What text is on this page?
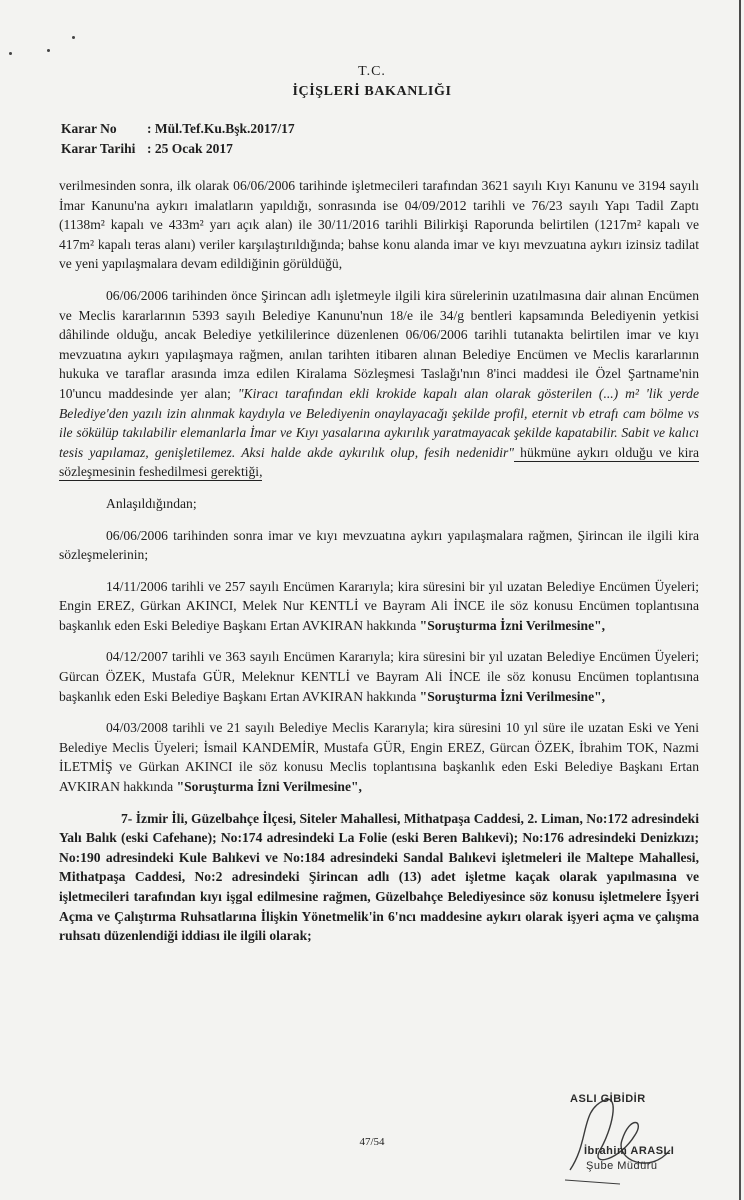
T.C.
İÇİŞLERİ BAKANLIĞI
Karar No : Mül.Tef.Ku.Bşk.2017/17
Karar Tarihi : 25 Ocak 2017

verilmesinden sonra, ilk olarak 06/06/2006 tarihinde işletmecileri tarafından 3621 sayılı Kıyı Kanunu ve 3194 sayılı İmar Kanunu'na aykırı imalatların yapıldığı, sonrasında ise 04/09/2012 tarihli ve 76/23 sayılı Yapı Tadil Zaptı (1138m² kapalı ve 433m² yarı açık alan) ile 30/11/2016 tarihli Bilirkişi Raporunda belirtilen (1217m² kapalı ve 417m² kapalı teras alanı) veriler karşılaştırıldığında; bahse konu alanda imar ve kıyı mevzuatına aykırı izinsiz tadilat ve yeni yapılaşmalara devam edildiğinin görüldüğü,

06/06/2006 tarihinden önce Şirincan adlı işletmeyle ilgili kira sürelerinin uzatılmasına dair alınan Encümen ve Meclis kararlarının 5393 sayılı Belediye Kanunu'nun 18/e ile 34/g bentleri kapsamında Belediyenin yetkisi dâhilinde olduğu, ancak Belediye yetkililerince düzenlenen 06/06/2006 tarihli tutanakta belirtilen imar ve kıyı mevzuatına aykırı yapılaşmaya rağmen, anılan tarihten itibaren alınan Belediye Encümen ve Meclis kararlarının hukuka ve taraflar arasında imza edilen Kiralama Sözleşmesi Taslağı'nın 8'inci maddesi ile Özel Şartname'nin 10'uncu maddesinde yer alan; "Kiracı tarafından ekli krokide kapalı alan olarak gösterilen (...) m² 'lik yerde Belediye'den yazılı izin alınmak kaydıyla ve Belediyenin onaylayacağı şekilde profil, eternit vb etrafı cam bölme vs ile sökülüp takılabilir elemanlarla İmar ve Kıyı yasalarına aykırılık yaratmayacak şekilde kapatabilir. Sabit ve kalıcı tesis yapılamaz, genişletilemez. Aksi halde akde aykırılık olup, fesih nedenidir" hükmüne aykırı olduğu ve kira sözleşmesinin feshedilmesi gerektiği,

Anlaşıldığından;

06/06/2006 tarihinden sonra imar ve kıyı mevzuatına aykırı yapılaşmalara rağmen, Şirincan ile ilgili kira sözleşmelerinin;

14/11/2006 tarihli ve 257 sayılı Encümen Kararıyla; kira süresini bir yıl uzatan Belediye Encümen Üyeleri; Engin EREZ, Gürkan AKINCI, Melek Nur KENTLİ ve Bayram Ali İNCE ile söz konusu Encümen toplantısına başkanlık eden Eski Belediye Başkanı Ertan AVKIRAN hakkında "Soruşturma İzni Verilmesine",

04/12/2007 tarihli ve 363 sayılı Encümen Kararıyla; kira süresini bir yıl uzatan Belediye Encümen Üyeleri; Gürcan ÖZEK, Mustafa GÜR, Meleknur KENTLİ ve Bayram Ali İNCE ile söz konusu Encümen toplantısına başkanlık eden Eski Belediye Başkanı Ertan AVKIRAN hakkında "Soruşturma İzni Verilmesine",

04/03/2008 tarihli ve 21 sayılı Belediye Meclis Kararıyla; kira süresini 10 yıl süre ile uzatan Eski ve Yeni Belediye Meclis Üyeleri; İsmail KANDEMİR, Mustafa GÜR, Engin EREZ, Gürcan ÖZEK, İbrahim TOK, Nazmi İLETMİŞ ve Gürkan AKINCI ile söz konusu Meclis toplantısına başkanlık eden Eski Belediye Başkanı Ertan AVKIRAN hakkında "Soruşturma İzni Verilmesine",

7- İzmir İli, Güzelbahçe İlçesi, Siteler Mahallesi, Mithatpaşa Caddesi, 2. Liman, No:172 adresindeki Yalı Balık (eski Cafehane); No:174 adresindeki La Folie (eski Beren Balıkevi); No:176 adresindeki Denizkızı; No:190 adresindeki Kule Balıkevi ve No:184 adresindeki Sandal Balıkevi işletmeleri ile Maltepe Mahallesi, Mithatpaşa Caddesi, No:2 adresindeki Şirincan adlı (13) adet işletme kaçak olarak yapılmasına ve işletmecileri tarafından kıyı işgal edilmesine rağmen, Güzelbahçe Belediyesince söz konusu işletmelere İşyeri Açma ve Çalıştırma Ruhsatlarına İlişkin Yönetmelik'in 6'ncı maddesine aykırı olarak işyeri açma ve çalışma ruhsatı düzenlendiği iddiası ile ilgili olarak;

47/54
ASLI GİBİDİR
İbrahim ARASLI
Şube Müdürü
